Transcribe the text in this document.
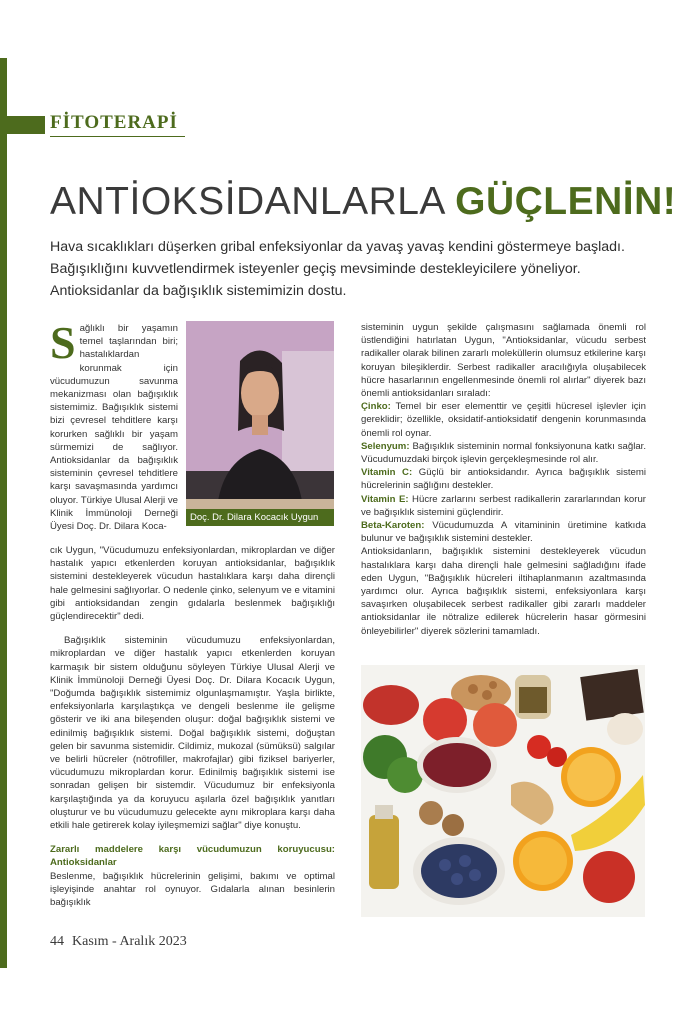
FİTOTERAPİ
ANTİOKSİDANLARLA GÜÇLENİN!
Hava sıcaklıkları düşerken gribal enfeksiyonlar da yavaş yavaş kendini göstermeye başladı. Bağışıklığını kuvvetlendirmek isteyenler geçiş mevsiminde destekleyicilere yöneliyor. Antioksidanlar da bağışıklık sistemimizin dostu.
Sağlıklı bir yaşamın temel taşlarından biri; hastalıklardan korunmak için vücudumuzun savunma mekanizması olan bağışıklık sistemimiz. Bağışıklık sistemi bizi çevresel tehditlere karşı korurken sağlıklı bir yaşam sürmemizi de sağlıyor. Antioksidanlar da bağışıklık sisteminin çevresel tehditlere karşı savaşmasında yardımcı oluyor. Türkiye Ulusal Alerji ve Klinik İmmünoloji Derneği Üyesi Doç. Dr. Dilara Koca-
Doç. Dr. Dilara Kocacık Uygun

cık Uygun, "Vücudumuzu enfeksiyonlardan, mikroplardan ve diğer hastalık yapıcı etkenlerden koruyan antioksidanlar, bağışıklık sistemini destekleyerek vücudun hastalıklara karşı daha dirençli hale gelmesini sağlıyorlar. O nedenle çinko, selenyum ve e vitamini gibi antioksidandan zengin gıdalarla beslenmek bağışıklığı güçlendirecektir" dedi.

Bağışıklık sisteminin vücudumuzu enfeksiyonlardan, mikroplardan ve diğer hastalık yapıcı etkenlerden koruyan karmaşık bir sistem olduğunu söyleyen Türkiye Ulusal Alerji ve Klinik İmmünoloji Derneği Üyesi Doç. Dr. Dilara Kocacık Uygun, "Doğumda bağışıklık sistemimiz olgunlaşmamıştır. Yaşla birlikte, enfeksiyonlarla karşılaştıkça ve dengeli beslenme ile gelişme gösterir ve iki ana bileşenden oluşur: doğal bağışıklık sistemi ve edinilmiş bağışıklık sistemi. Doğal bağışıklık sistemi, doğuştan gelen bir savunma sistemidir. Cildimiz, mukozal (sümüksü) salgılar ve belirli hücreler (nötrofiller, makrofajlar) gibi fiziksel bariyerler, vücudumuzu mikroplardan korur. Edinilmiş bağışıklık sistemi ise sonradan gelişen bir sistemdir. Vücudumuz bir enfeksiyonla karşılaştığında ya da koruyucu aşılarla özel bağışıklık yanıtları oluşturur ve bu vücudumuzu gelecekte aynı mikroplara karşı daha etkili hale getirerek kolay iyileşmemizi sağlar" diye konuştu.

Zararlı maddelere karşı vücudumuzun koruyucusu: Antioksidanlar

Beslenme, bağışıklık hücrelerinin gelişimi, bakımı ve optimal işleyişinde anahtar rol oynuyor. Gıdalarla alınan besinlerin bağışıklık

sisteminin uygun şekilde çalışmasını sağlamada önemli rol üstlendiğini hatırlatan Uygun, "Antioksidanlar, vücudu serbest radikaller olarak bilinen zararlı moleküllerin olumsuz etkilerine karşı koruyan bileşiklerdir. Serbest radikaller aracılığıyla oluşabilecek hücre hasarlarının engellenmesinde önemli rol alırlar" diyerek bazı önemli antioksidanları sıraladı:

Çinko: Temel bir eser elementtir ve çeşitli hücresel işlevler için gereklidir; özellikle, oksidatif-antioksidatif dengenin korunmasında önemli rol oynar.

Selenyum: Bağışıklık sisteminin normal fonksiyonuna katkı sağlar. Vücudumuzdaki birçok işlevin gerçekleşmesinde rol alır.

Vitamin C: Güçlü bir antioksidandır. Ayrıca bağışıklık sistemi hücrelerinin sağlığını destekler.

Vitamin E: Hücre zarlarını serbest radikallerin zararlarından korur ve bağışıklık sistemini güçlendirir.

Beta-Karoten: Vücudumuzda A vitamininin üretimine katkıda bulunur ve bağışıklık sistemini destekler.

Antioksidanların, bağışıklık sistemini destekleyerek vücudun hastalıklara karşı daha dirençli hale gelmesini sağladığını ifade eden Uygun, "Bağışıklık hücreleri iltihaplanmanın azaltmasında yardımcı olur. Ayrıca bağışıklık sistemi, enfeksiyonlara karşı savaşırken oluşabilecek serbest radikaller gibi zararlı maddeler antioksidanlar ile nötralize edilerek hücrelerin hasar görmesini önleyebilirler" diyerek sözlerini tamamladı.

44 Kasım - Aralık 2023
